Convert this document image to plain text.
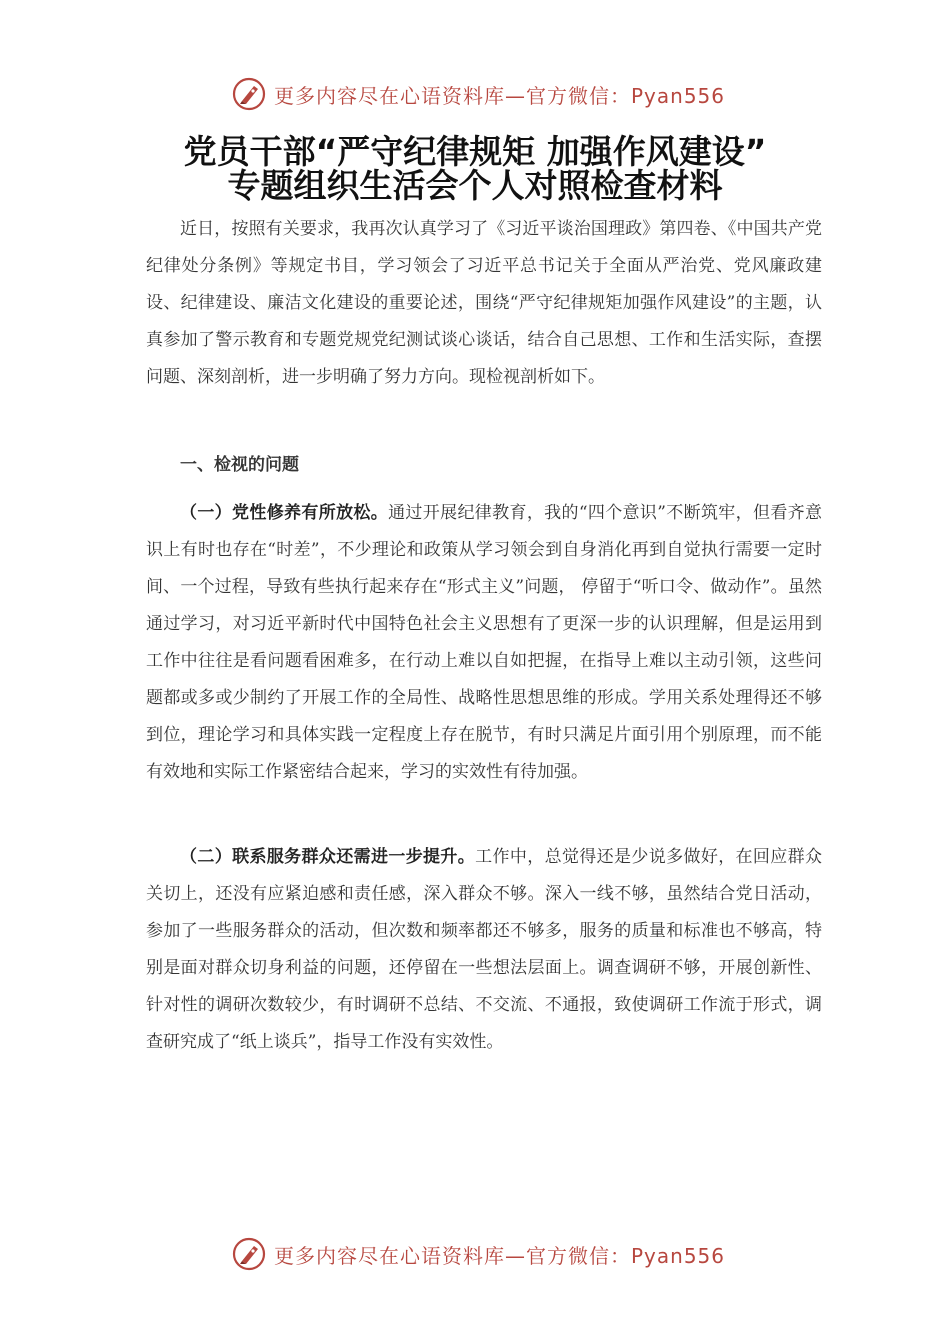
更多内容尽在心语资料库—官方微信：Pyan556
党员干部“严守纪律规矩 加强作风建设”
专题组织生活会个人对照检查材料

近日，按照有关要求，我再次认真学习了《习近平谈治国理政》第四卷、《中国共产党纪律处分条例》等规定书目，学习领会了习近平总书记关于全面从严治党、党风廉政建设、纪律建设、廉洁文化建设的重要论述，围绕“严守纪律规矩加强作风建设”的主题，认真参加了警示教育和专题党规党纪测试谈心谈话，结合自己思想、工作和生活实际，查摆问题、深刻剖析，进一步明确了努力方向。现检视剖析如下。

一、检视的问题

（一）党性修养有所放松。通过开展纪律教育，我的“四个意识”不断筑牢，但看齐意识上有时也存在“时差”，不少理论和政策从学习领会到自身消化再到自觉执行需要一定时间、一个过程，导致有些执行起来存在“形式主义”问题， 停留于“听口令、做动作”。虽然通过学习，对习近平新时代中国特色社会主义思想有了更深一步的认识理解，但是运用到工作中往往是看问题看困难多，在行动上难以自如把握，在指导上难以主动引领，这些问题都或多或少制约了开展工作的全局性、战略性思想思维的形成。学用关系处理得还不够到位，理论学习和具体实践一定程度上存在脱节，有时只满足片面引用个别原理，而不能有效地和实际工作紧密结合起来，学习的实效性有待加强。

（二）联系服务群众还需进一步提升。工作中，总觉得还是少说多做好，在回应群众关切上，还没有应紧迫感和责任感，深入群众不够。深入一线不够，虽然结合党日活动，参加了一些服务群众的活动，但次数和频率都还不够多，服务的质量和标准也不够高，特别是面对群众切身利益的问题，还停留在一些想法层面上。调查调研不够，开展创新性、针对性的调研次数较少，有时调研不总结、不交流、不通报，致使调研工作流于形式，调查研究成了“纸上谈兵”，指导工作没有实效性。

更多内容尽在心语资料库—官方微信：Pyan556
